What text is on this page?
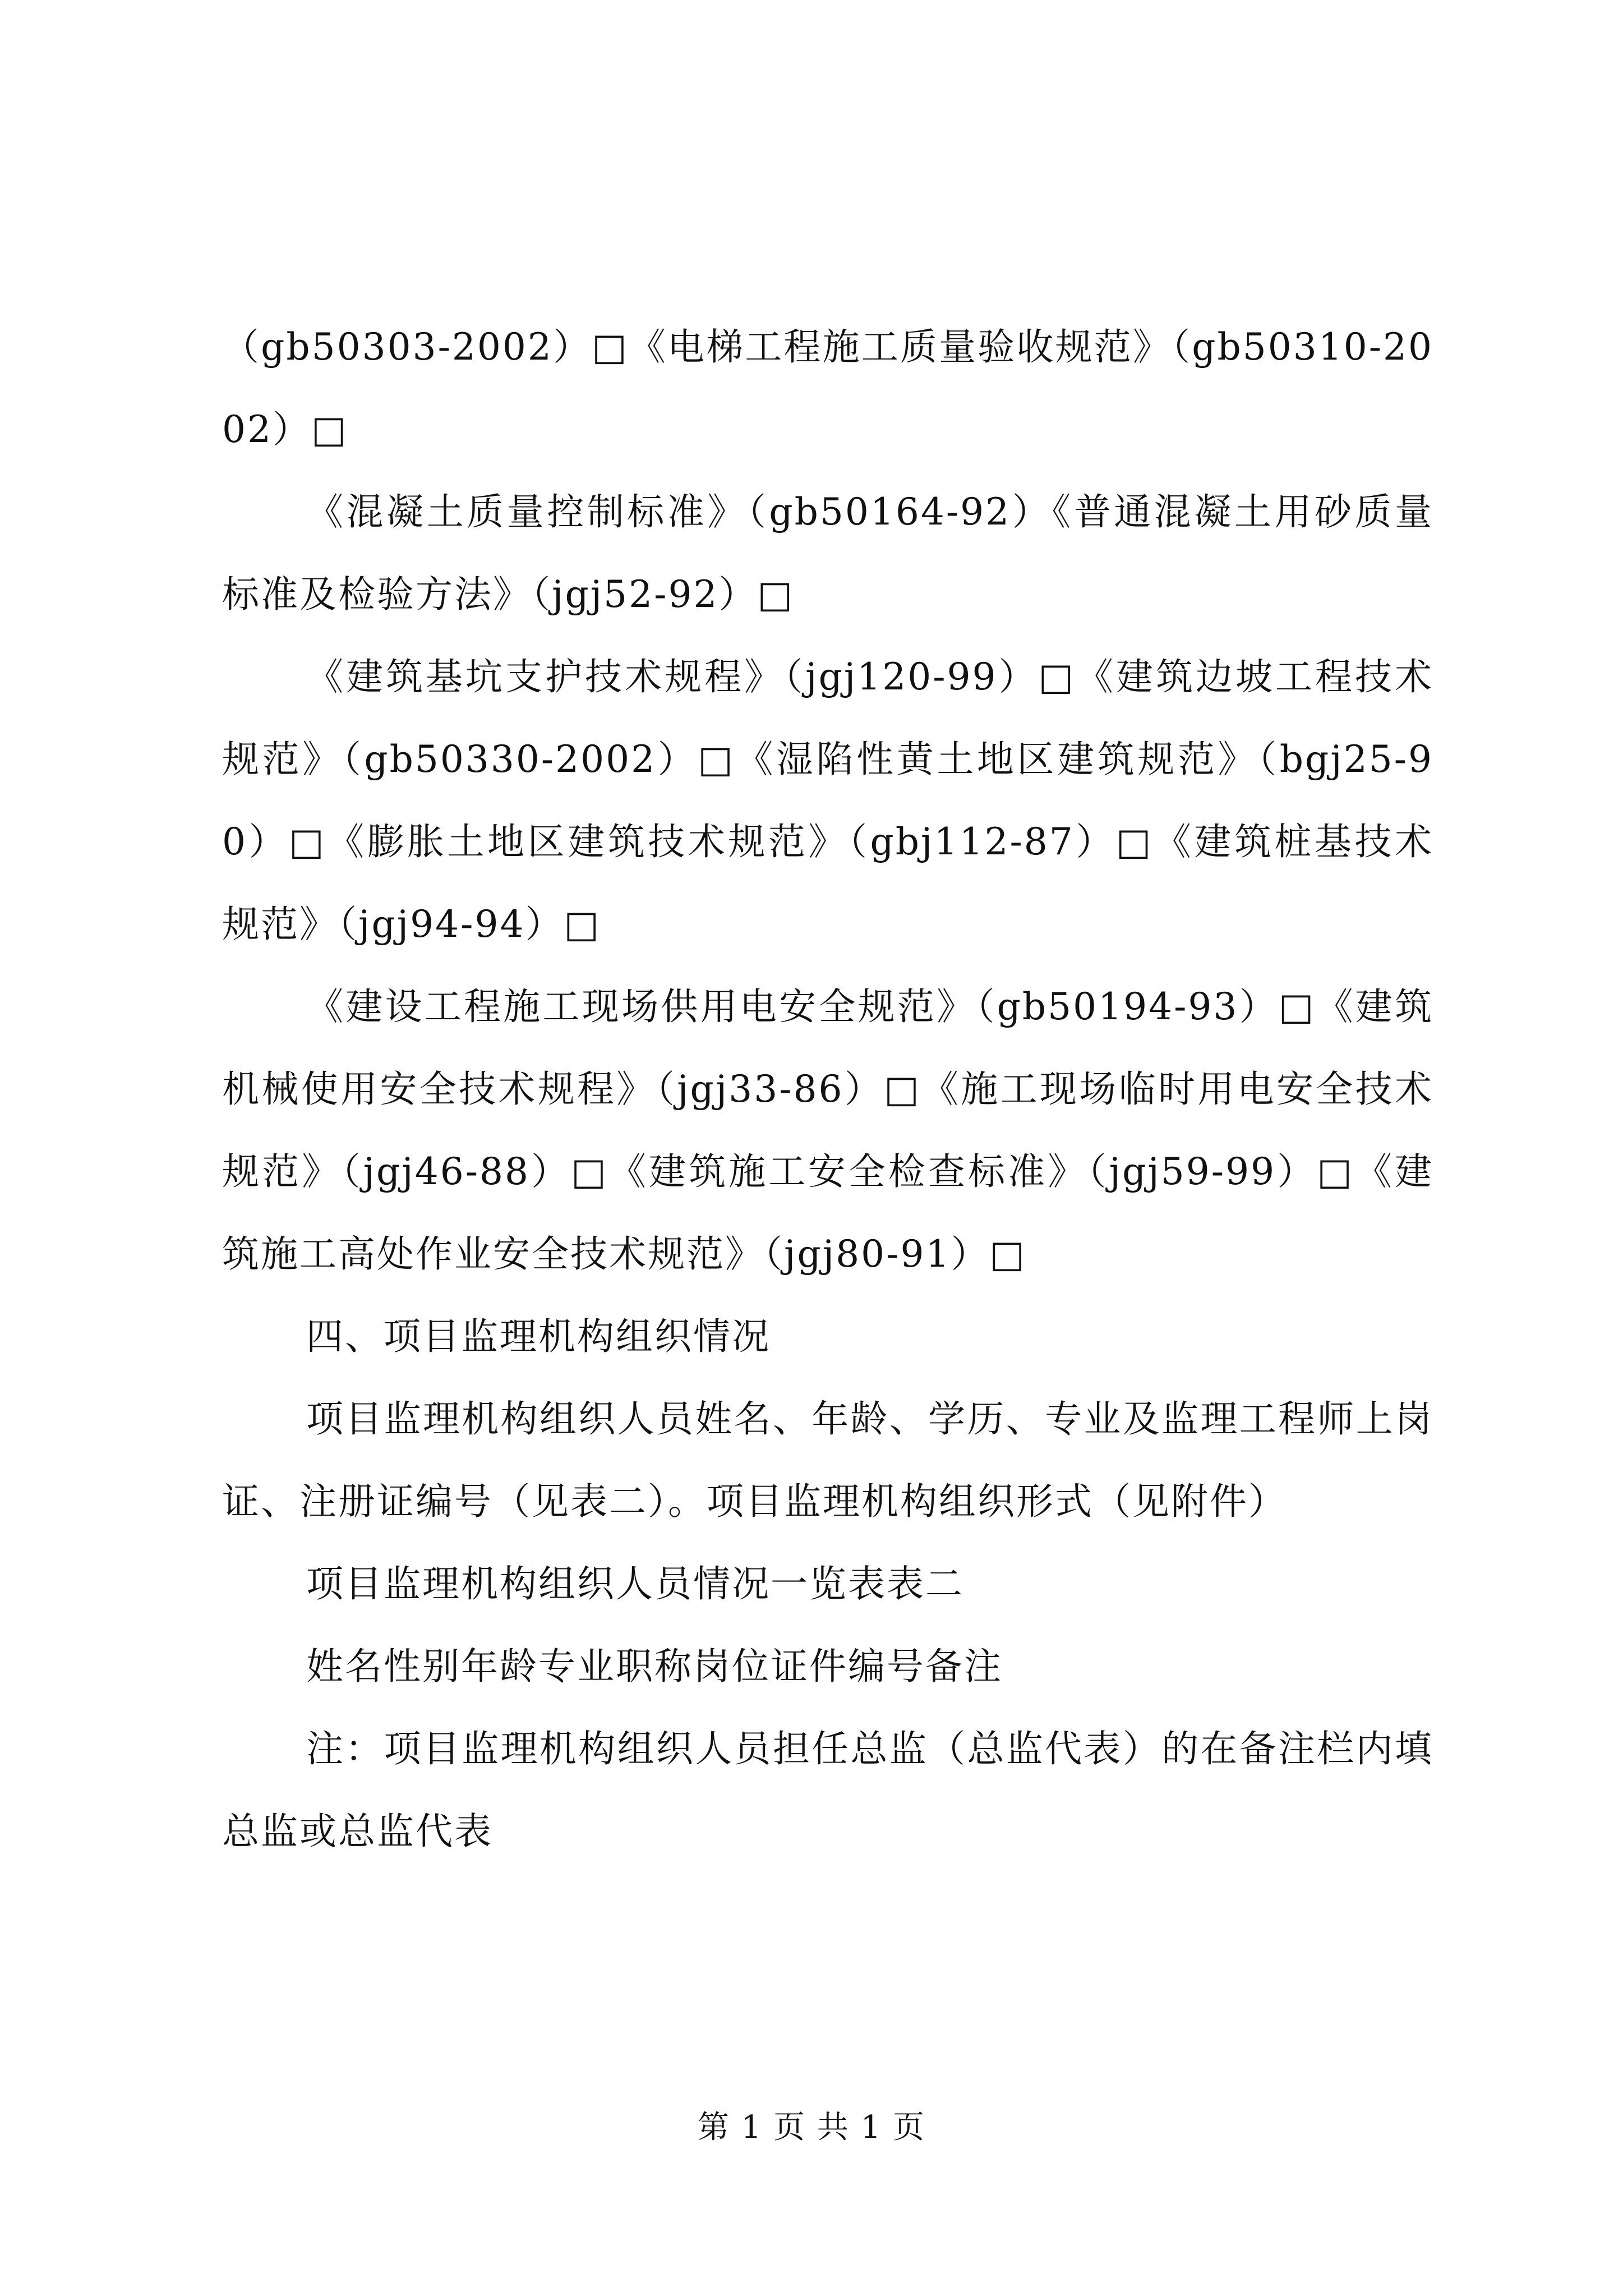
（gb50303-2002）□《电梯工程施工质量验收规范》（gb50310-2002）□

《混凝土质量控制标准》（gb50164-92）《普通混凝土用砂质量标准及检验方法》（jgj52-92）□

《建筑基坑支护技术规程》（jgj120-99）□《建筑边坡工程技术规范》（gb50330-2002）□《湿陷性黄土地区建筑规范》（bgj25-90）□《膨胀土地区建筑技术规范》（gbj112-87）□《建筑桩基技术规范》（jgj94-94）□

《建设工程施工现场供用电安全规范》（gb50194-93）□《建筑机械使用安全技术规程》（jgj33-86）□《施工现场临时用电安全技术规范》（jgj46-88）□《建筑施工安全检查标准》（jgj59-99）□《建筑施工高处作业安全技术规范》（jgj80-91）□

四、项目监理机构组织情况

项目监理机构组织人员姓名、年龄、学历、专业及监理工程师上岗证、注册证编号（见表二）。项目监理机构组织形式（见附件）

项目监理机构组织人员情况一览表表二

姓名性别年龄专业职称岗位证件编号备注

注：项目监理机构组织人员担任总监（总监代表）的在备注栏内填总监或总监代表

第 1 页 共 1 页
